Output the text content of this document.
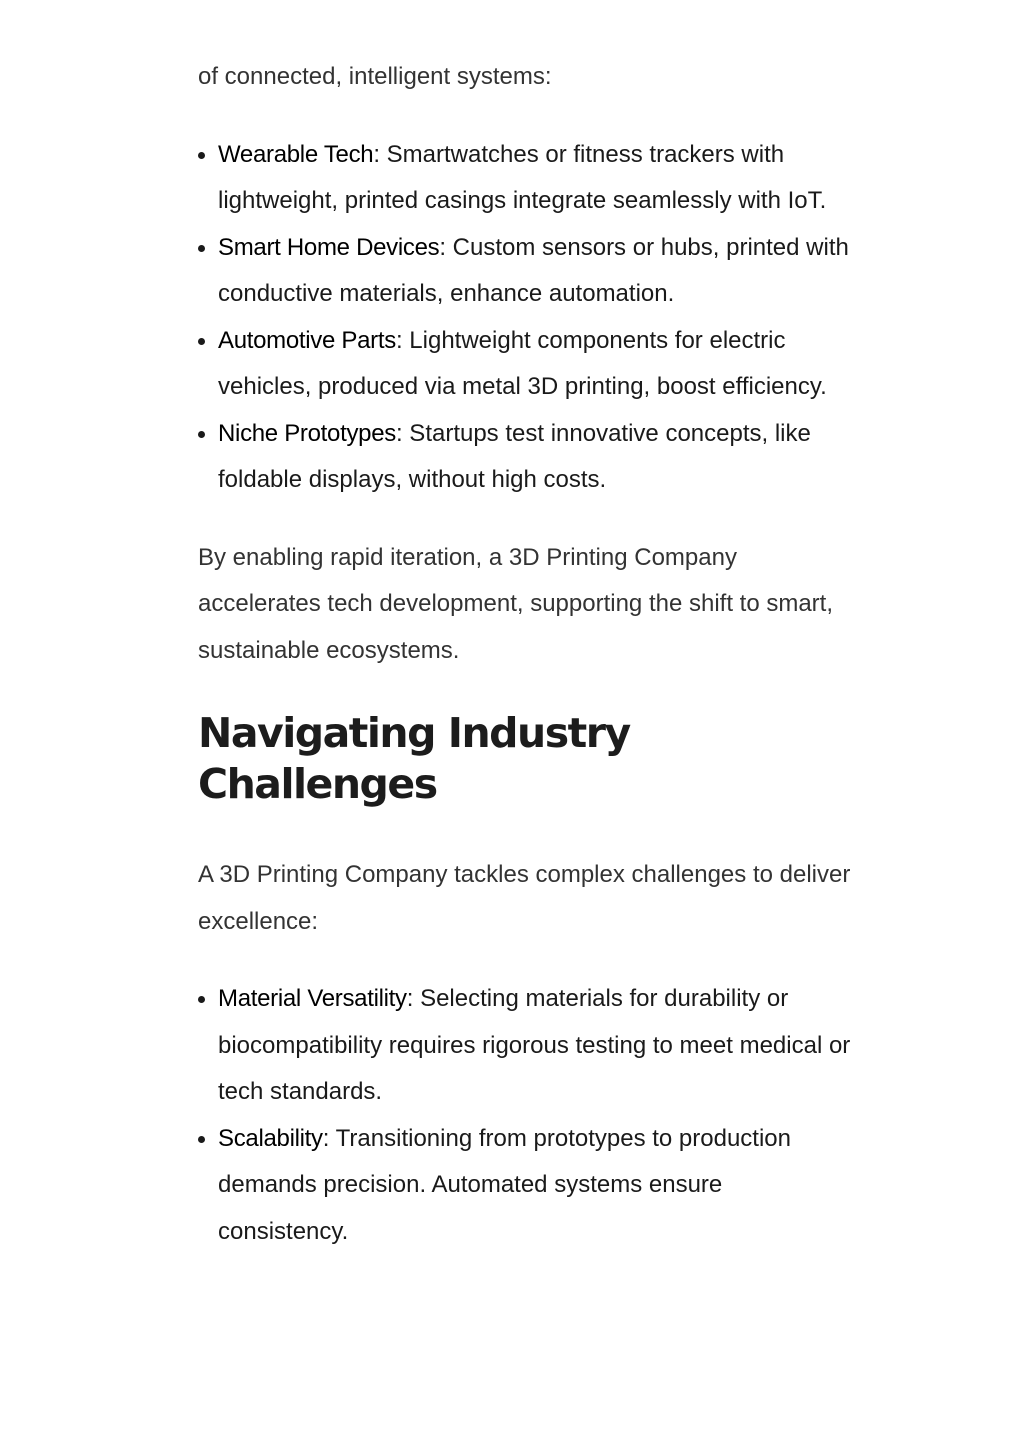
of connected, intelligent systems:

Wearable Tech: Smartwatches or fitness trackers with lightweight, printed casings integrate seamlessly with IoT.
Smart Home Devices: Custom sensors or hubs, printed with conductive materials, enhance automation.
Automotive Parts: Lightweight components for electric vehicles, produced via metal 3D printing, boost efficiency.
Niche Prototypes: Startups test innovative concepts, like foldable displays, without high costs.

By enabling rapid iteration, a 3D Printing Company accelerates tech development, supporting the shift to smart, sustainable ecosystems.

Navigating Industry Challenges

A 3D Printing Company tackles complex challenges to deliver excellence:

Material Versatility: Selecting materials for durability or biocompatibility requires rigorous testing to meet medical or tech standards.
Scalability: Transitioning from prototypes to production demands precision. Automated systems ensure consistency.
